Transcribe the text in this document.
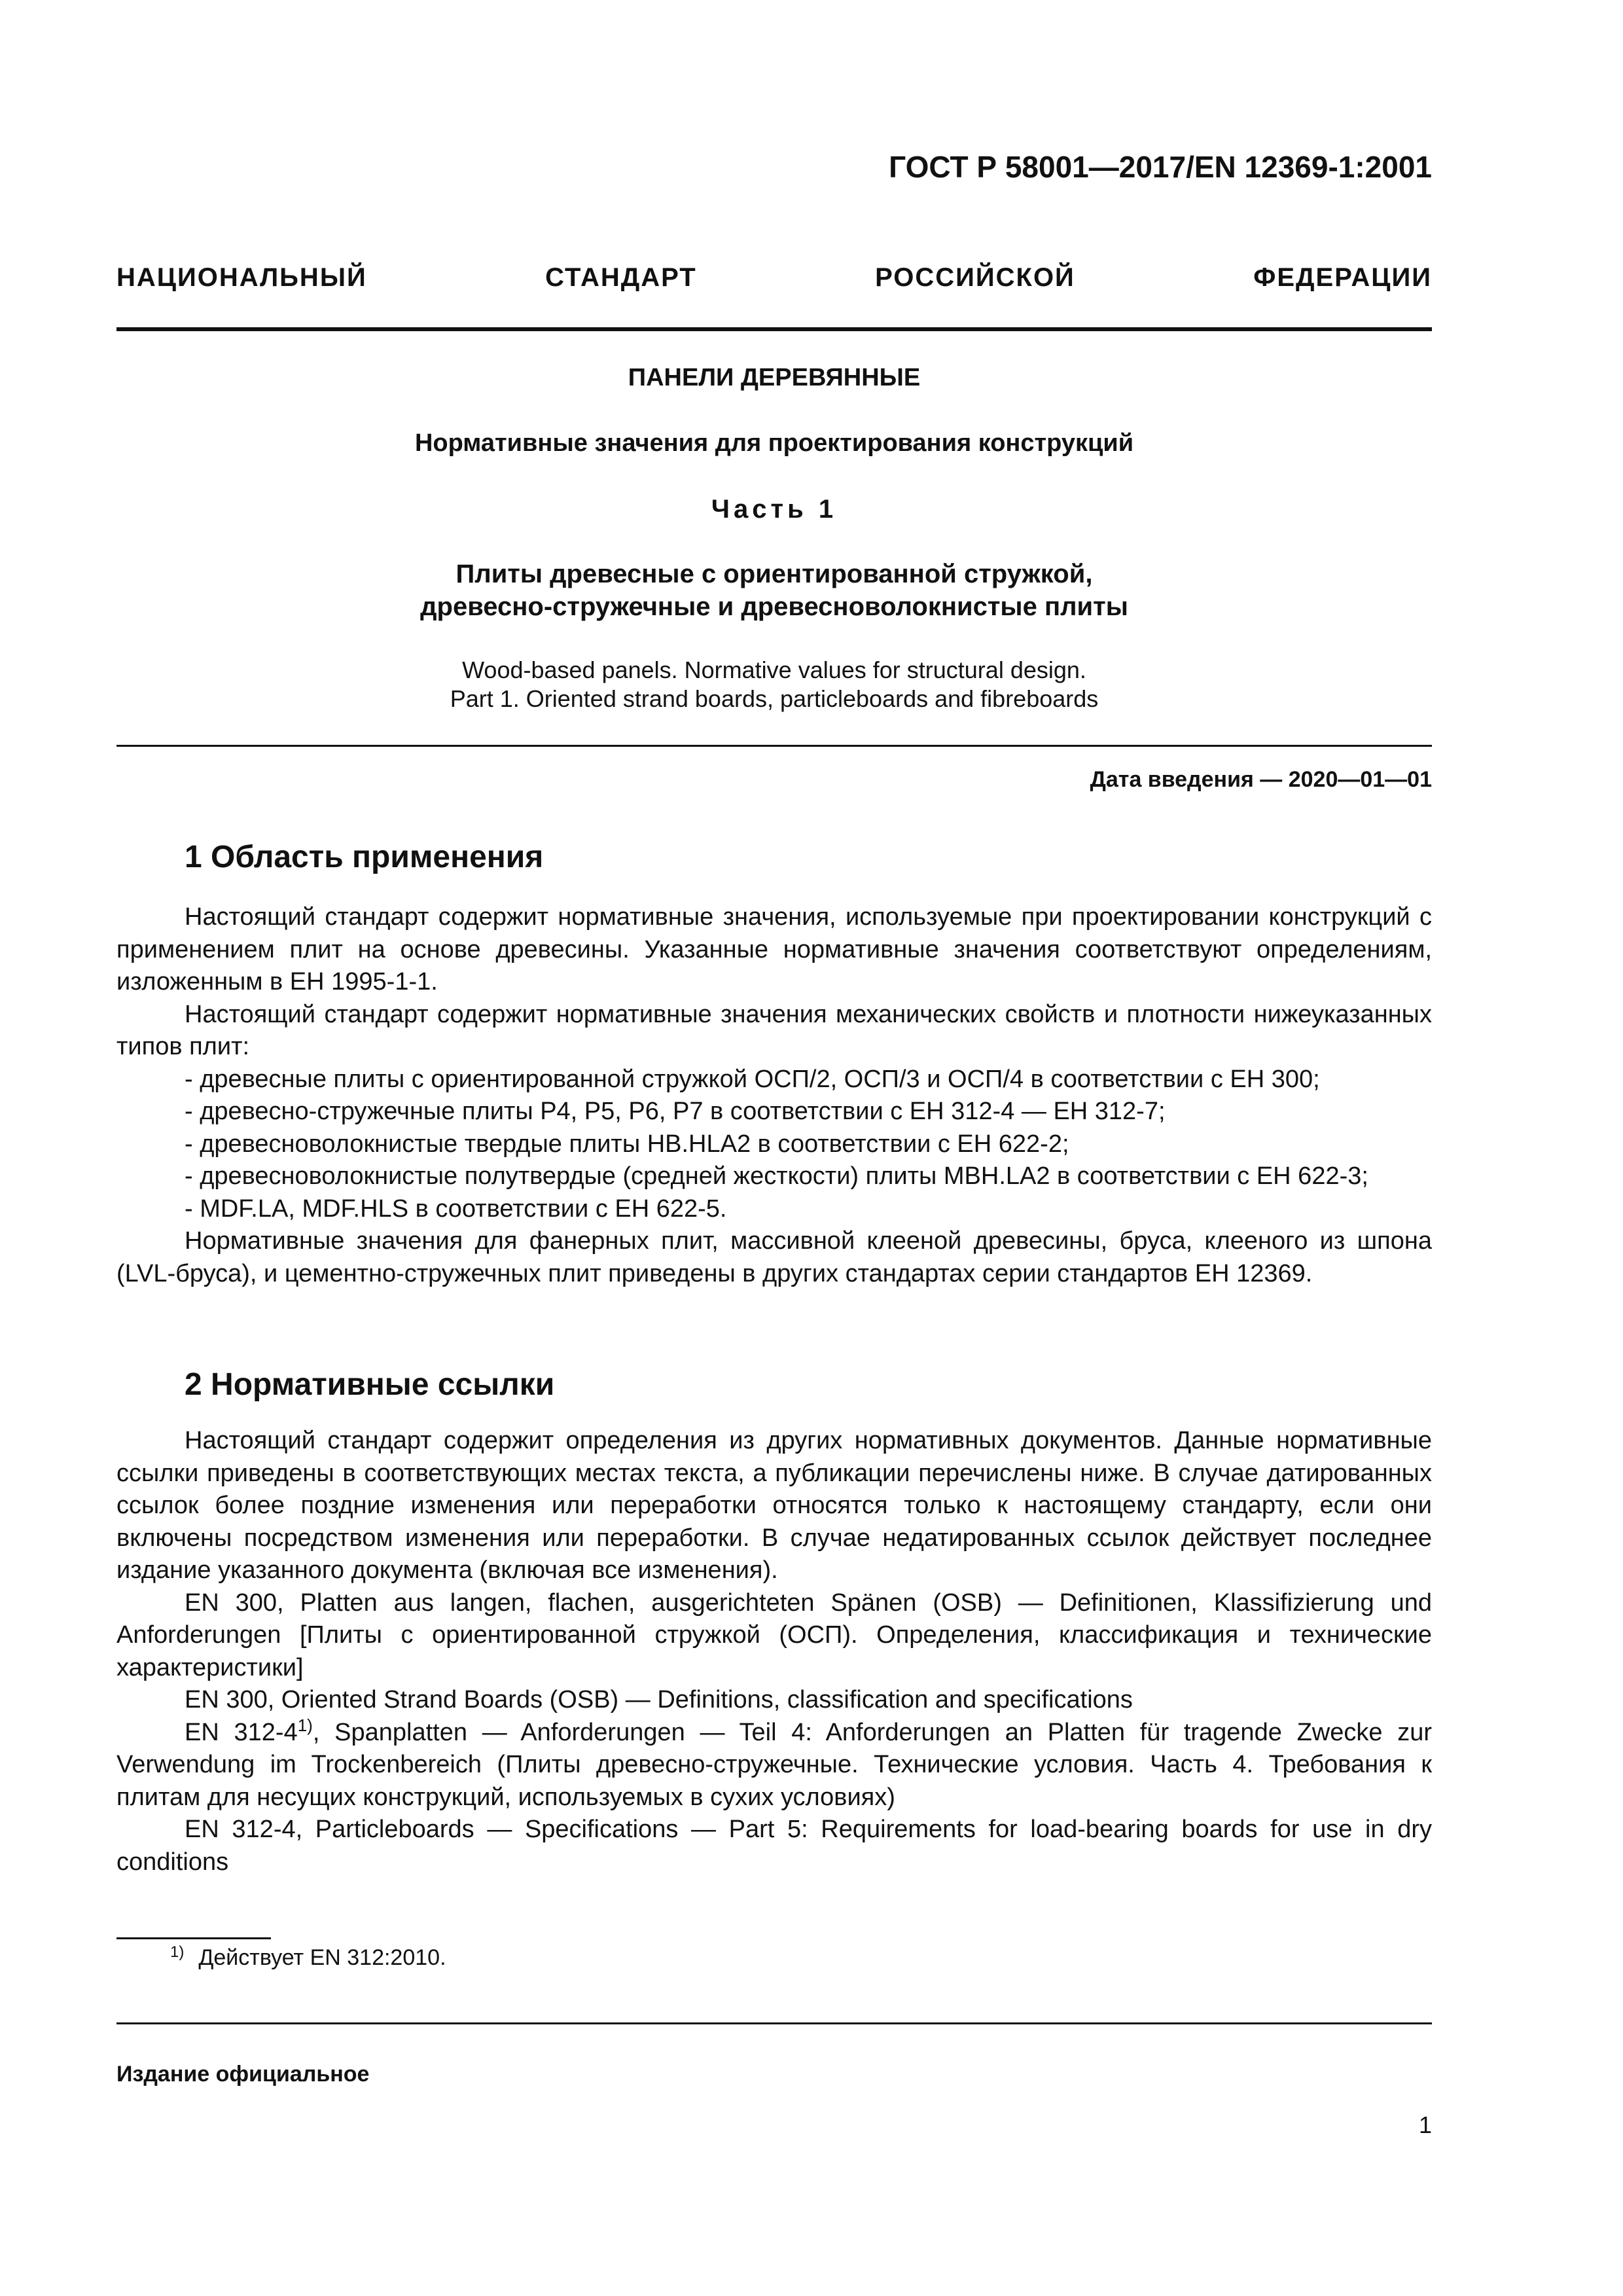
ГОСТ Р 58001—2017/EN 12369-1:2001
НАЦИОНАЛЬНЫЙ СТАНДАРТ РОССИЙСКОЙ ФЕДЕРАЦИИ
ПАНЕЛИ ДЕРЕВЯННЫЕ
Нормативные значения для проектирования конструкций
Часть 1
Плиты древесные с ориентированной стружкой,
древесно-стружечные и древесноволокнистые плиты
Wood-based panels. Normative values for structural design.
Part 1. Oriented strand boards, particleboards and fibreboards
Дата введения — 2020—01—01
1 Область применения

Настоящий стандарт содержит нормативные значения, используемые при проектировании конструкций с применением плит на основе древесины. Указанные нормативные значения соответствуют определениям, изложенным в ЕН 1995-1-1.

Настоящий стандарт содержит нормативные значения механических свойств и плотности нижеуказанных типов плит:

- древесные плиты с ориентированной стружкой ОСП/2, ОСП/3 и ОСП/4 в соответствии с ЕН 300;

- древесно-стружечные плиты Р4, Р5, Р6, Р7 в соответствии с ЕН 312-4 — ЕН 312-7;

- древесноволокнистые твердые плиты HB.HLA2 в соответствии с ЕН 622-2;

- древесноволокнистые полутвердые (средней жесткости) плиты MBH.LA2 в соответствии с ЕН 622-3;

- MDF.LA, MDF.HLS в соответствии с ЕН 622-5.

Нормативные значения для фанерных плит, массивной клееной древесины, бруса, клееного из шпона (LVL-бруса), и цементно-стружечных плит приведены в других стандартах серии стандартов ЕН 12369.

2 Нормативные ссылки

Настоящий стандарт содержит определения из других нормативных документов. Данные нормативные ссылки приведены в соответствующих местах текста, а публикации перечислены ниже. В случае датированных ссылок более поздние изменения или переработки относятся только к настоящему стандарту, если они включены посредством изменения или переработки. В случае недатированных ссылок действует последнее издание указанного документа (включая все изменения).

EN 300, Platten aus langen, flachen, ausgerichteten Spänen (OSB) — Definitionen, Klassifizierung und Anforderungen [Плиты с ориентированной стружкой (ОСП). Определения, классификация и технические характеристики]

EN 300, Oriented Strand Boards (OSB) — Definitions, classification and specifications

EN 312-4$^{1)}$, Spanplatten — Anforderungen — Teil 4: Anforderungen an Platten für tragende Zwecke zur Verwendung im Trockenbereich (Плиты древесно-стружечные. Технические условия. Часть 4. Требования к плитам для несущих конструкций, используемых в сухих условиях)

EN 312-4, Particleboards — Specifications — Part 5: Requirements for load-bearing boards for use in dry conditions

$^{1)}$ Действует EN 312:2010.
Издание официальное
1
